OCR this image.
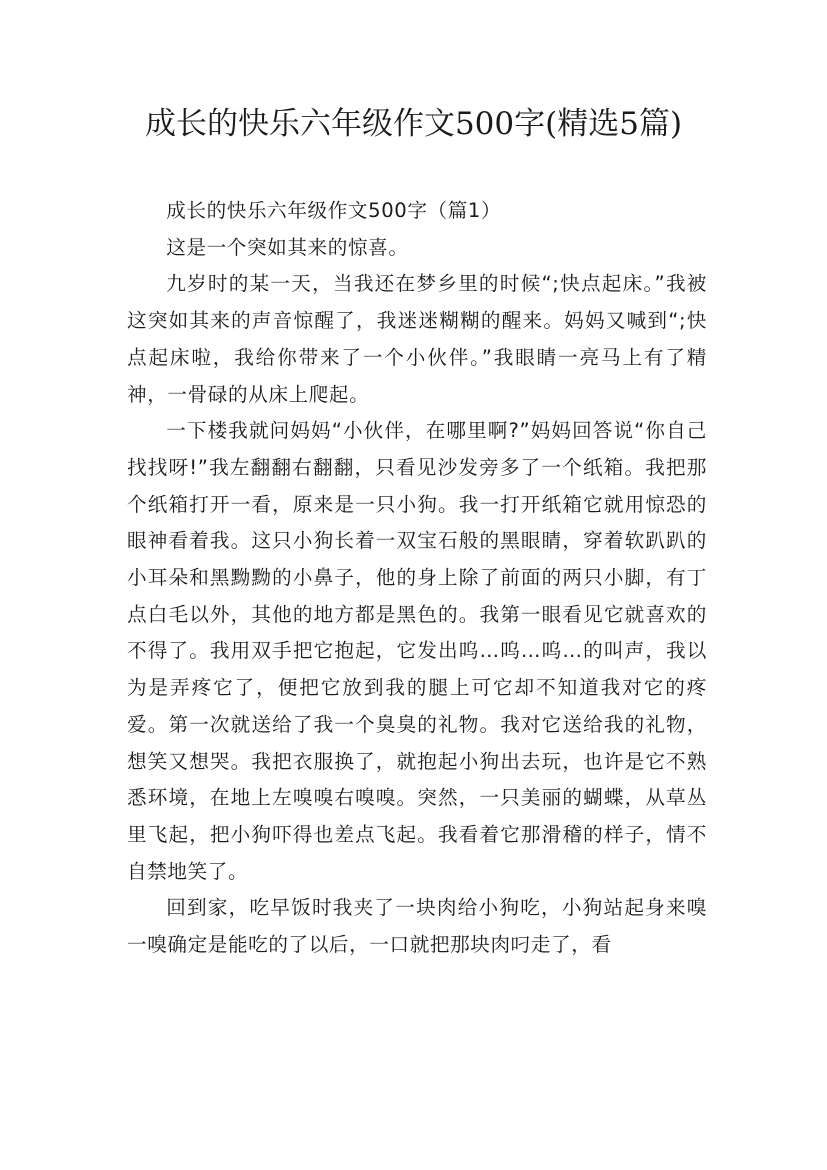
成长的快乐六年级作文500字(精选5篇)

成长的快乐六年级作文500字（篇1）

这是一个突如其来的惊喜。

九岁时的某一天，当我还在梦乡里的时候“;快点起床。”我被这突如其来的声音惊醒了，我迷迷糊糊的醒来。妈妈又喊到“;快点起床啦，我给你带来了一个小伙伴。”我眼睛一亮马上有了精神，一骨碌的从床上爬起。

一下楼我就问妈妈“小伙伴，在哪里啊?”妈妈回答说“你自己找找呀!”我左翻翻右翻翻，只看见沙发旁多了一个纸箱。我把那个纸箱打开一看，原来是一只小狗。我一打开纸箱它就用惊恐的眼神看着我。这只小狗长着一双宝石般的黑眼睛，穿着软趴趴的小耳朵和黑黝黝的小鼻子，他的身上除了前面的两只小脚，有丁点白毛以外，其他的地方都是黑色的。我第一眼看见它就喜欢的不得了。我用双手把它抱起，它发出呜…呜…呜…的叫声，我以为是弄疼它了，便把它放到我的腿上可它却不知道我对它的疼爱。第一次就送给了我一个臭臭的礼物。我对它送给我的礼物，想笑又想哭。我把衣服换了，就抱起小狗出去玩，也许是它不熟悉环境，在地上左嗅嗅右嗅嗅。突然，一只美丽的蝴蝶，从草丛里飞起，把小狗吓得也差点飞起。我看着它那滑稽的样子，情不自禁地笑了。

回到家，吃早饭时我夹了一块肉给小狗吃，小狗站起身来嗅一嗅确定是能吃的了以后，一口就把那块肉叼走了，看
